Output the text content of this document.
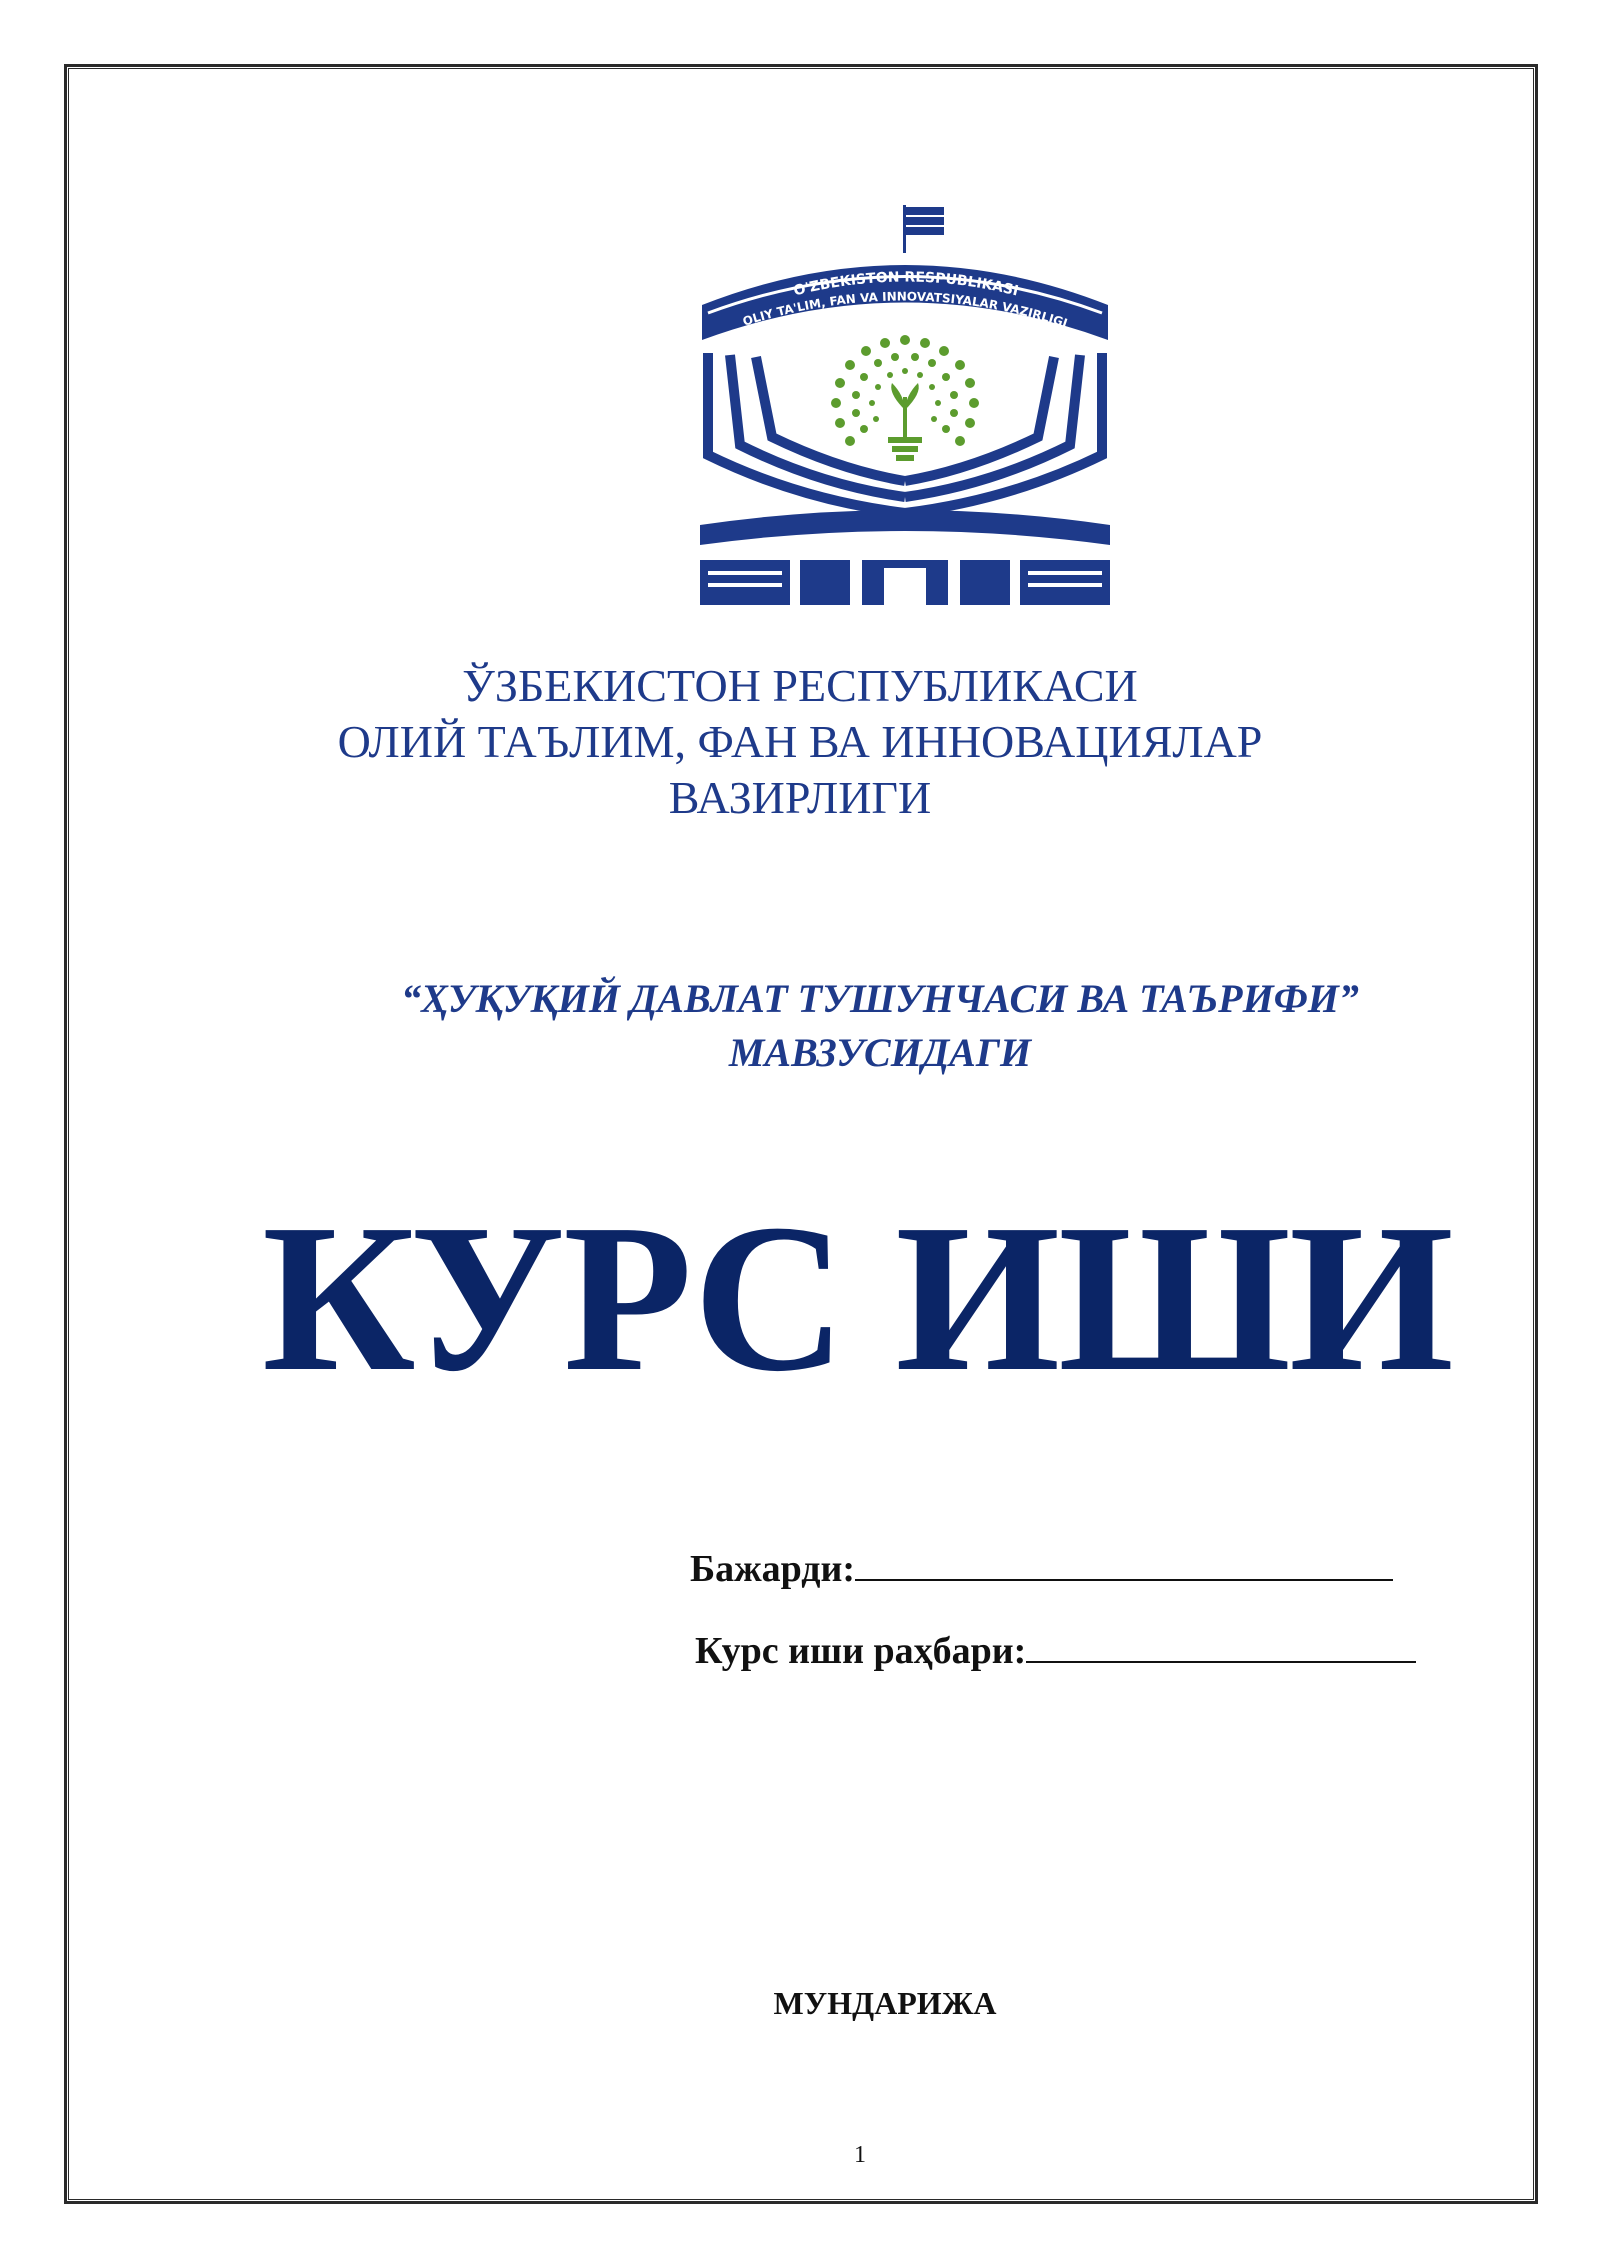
O'ZBEKISTON RESPUBLIKASI
OLIY TA'LIM, FAN VA INNOVATSIYALAR VAZIRLIGI
ЎЗБЕКИСТОН РЕСПУБЛИКАСИ
ОЛИЙ ТАЪЛИМ, ФАН ВА ИННОВАЦИЯЛАР
ВАЗИРЛИГИ
“ҲУҚУҚИЙ ДАВЛАТ ТУШУНЧАСИ ВА ТАЪРИФИ”
МАВЗУСИДАГИ
КУРС ИШИ
Бажарди:
Курс иши раҳбари:
МУНДАРИЖА
1
